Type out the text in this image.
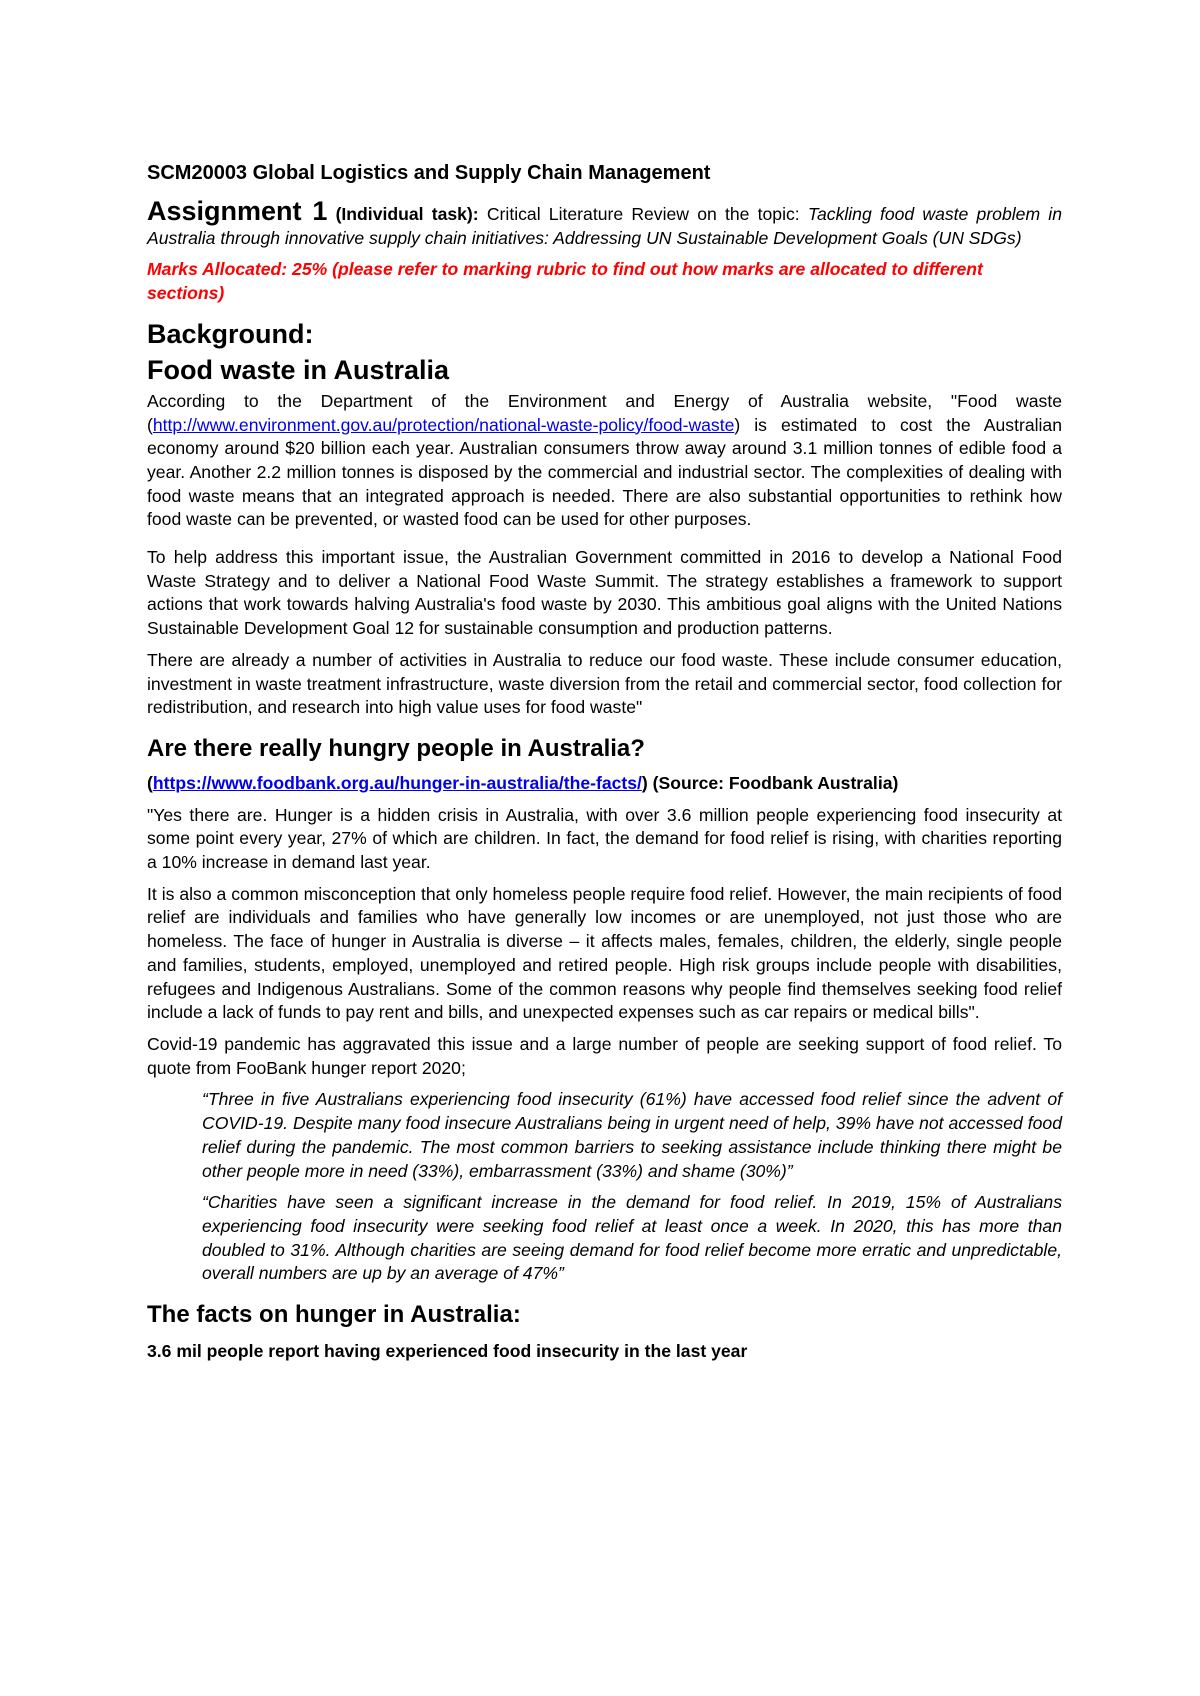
SCM20003 Global Logistics and Supply Chain Management
Assignment 1 (Individual task): Critical Literature Review on the topic: Tackling food waste problem in Australia through innovative supply chain initiatives: Addressing UN Sustainable Development Goals (UN SDGs)
Marks Allocated: 25% (please refer to marking rubric to find out how marks are allocated to different sections)
Background:
Food waste in Australia

According to the Department of the Environment and Energy of Australia website, "Food waste (http://www.environment.gov.au/protection/national-waste-policy/food-waste) is estimated to cost the Australian economy around $20 billion each year. Australian consumers throw away around 3.1 million tonnes of edible food a year. Another 2.2 million tonnes is disposed by the commercial and industrial sector. The complexities of dealing with food waste means that an integrated approach is needed. There are also substantial opportunities to rethink how food waste can be prevented, or wasted food can be used for other purposes.

To help address this important issue, the Australian Government committed in 2016 to develop a National Food Waste Strategy and to deliver a National Food Waste Summit. The strategy establishes a framework to support actions that work towards halving Australia's food waste by 2030. This ambitious goal aligns with the United Nations Sustainable Development Goal 12 for sustainable consumption and production patterns.

There are already a number of activities in Australia to reduce our food waste. These include consumer education, investment in waste treatment infrastructure, waste diversion from the retail and commercial sector, food collection for redistribution, and research into high value uses for food waste"

Are there really hungry people in Australia?

(https://www.foodbank.org.au/hunger-in-australia/the-facts/) (Source: Foodbank Australia)

"Yes there are. Hunger is a hidden crisis in Australia, with over 3.6 million people experiencing food insecurity at some point every year, 27% of which are children. In fact, the demand for food relief is rising, with charities reporting a 10% increase in demand last year.

It is also a common misconception that only homeless people require food relief. However, the main recipients of food relief are individuals and families who have generally low incomes or are unemployed, not just those who are homeless. The face of hunger in Australia is diverse – it affects males, females, children, the elderly, single people and families, students, employed, unemployed and retired people. High risk groups include people with disabilities, refugees and Indigenous Australians. Some of the common reasons why people find themselves seeking food relief include a lack of funds to pay rent and bills, and unexpected expenses such as car repairs or medical bills".

Covid-19 pandemic has aggravated this issue and a large number of people are seeking support of food relief. To quote from FooBank hunger report 2020;

“Three in five Australians experiencing food insecurity (61%) have accessed food relief since the advent of COVID-19. Despite many food insecure Australians being in urgent need of help, 39% have not accessed food relief during the pandemic. The most common barriers to seeking assistance include thinking there might be other people more in need (33%), embarrassment (33%) and shame (30%)”

“Charities have seen a significant increase in the demand for food relief. In 2019, 15% of Australians experiencing food insecurity were seeking food relief at least once a week. In 2020, this has more than doubled to 31%. Although charities are seeing demand for food relief become more erratic and unpredictable, overall numbers are up by an average of 47%”

The facts on hunger in Australia:
3.6 mil people report having experienced food insecurity in the last year
